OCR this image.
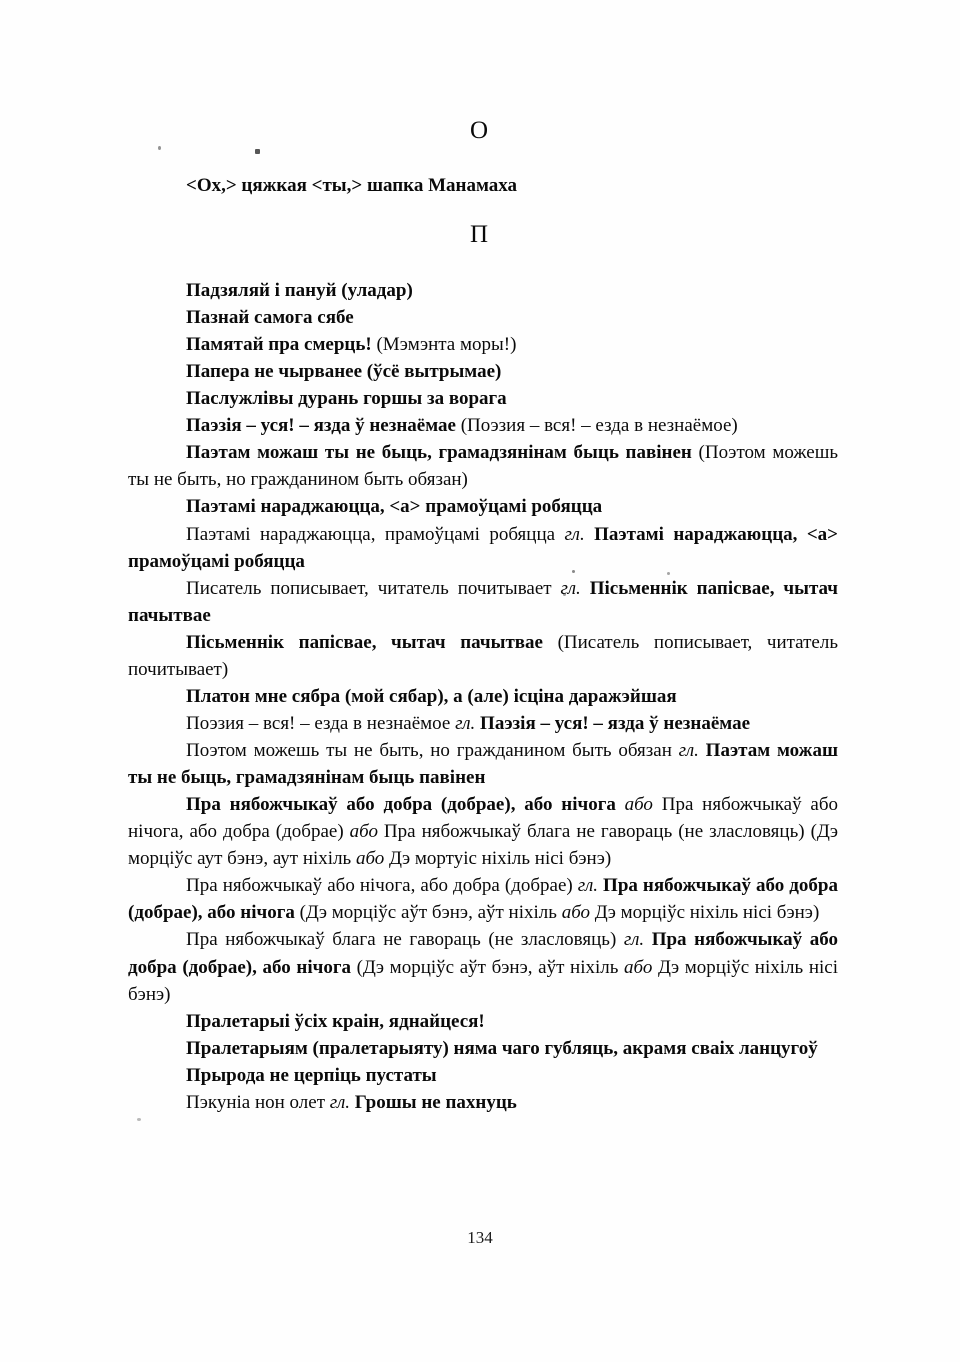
О
<Ох,> цяжкая <ты,> шапка Манамаха
П

Падзяляй і пануй (уладар)

Пазнай самога сябе

Памятай пра смерць! (Мэмэнта моры!)

Папера не чырванее (ўсё вытрымае)

Паслужлівы дурань горшы за ворага

Паэзія – уся! – язда ў незнаёмае (Поэзия – вся! – езда в незнаёмое)

Паэтам можаш ты не быць, грамадзянінам быць павінен (Поэтом можешь ты не быть, но гражданином быть обязан)

Паэтамі нараджаюцца, <а> прамоўцамі робяцца

Паэтамі нараджаюцца, прамоўцамі робяцца гл. Паэтамі нараджаюцца, <а> прамоўцамі робяцца

Писатель пописывает, читатель почитывает гл. Пісьменнік папісвае, чытач пачытвае

Пісьменнік папісвае, чытач пачытвае (Писатель пописывает, читатель почитывает)

Платон мне сябра (мой сябар), а (але) ісціна даражэйшая

Поэзия – вся! – езда в незнаёмое гл. Паэзія – уся! – язда ў незнаёмае

Поэтом можешь ты не быть, но гражданином быть обязан гл. Паэтам можаш ты не быць, грамадзянінам быць павінен

Пра нябожчыкаў або добра (добрае), або нічога або Пра нябожчыкаў або нічога, або добра (добрае) або Пра нябожчыкаў блага не гавораць (не зласловяць) (Дэ морціўс аут бэнэ, аут ніхіль або Дэ мортуіс ніхіль нісі бэнэ)

Пра нябожчыкаў або нічога, або добра (добрае) гл. Пра нябожчыкаў або добра (добрае), або нічога (Дэ морціўс аўт бэнэ, аўт ніхіль або Дэ морціўс ніхіль нісі бэнэ)

Пра нябожчыкаў блага не гавораць (не зласловяць) гл. Пра нябожчыкаў або добра (добрае), або нічога (Дэ морціўс аўт бэнэ, аўт ніхіль або Дэ морціўс ніхіль нісі бэнэ)

Пралетарыі ўсіх краін, яднайцеся!

Пралетарыям (пралетарыяту) няма чаго губляць, акрамя сваіх ланцугоў

Прырода не церпіць пустаты

Пэкуніа нон олет гл. Грошы не пахнуць

134
